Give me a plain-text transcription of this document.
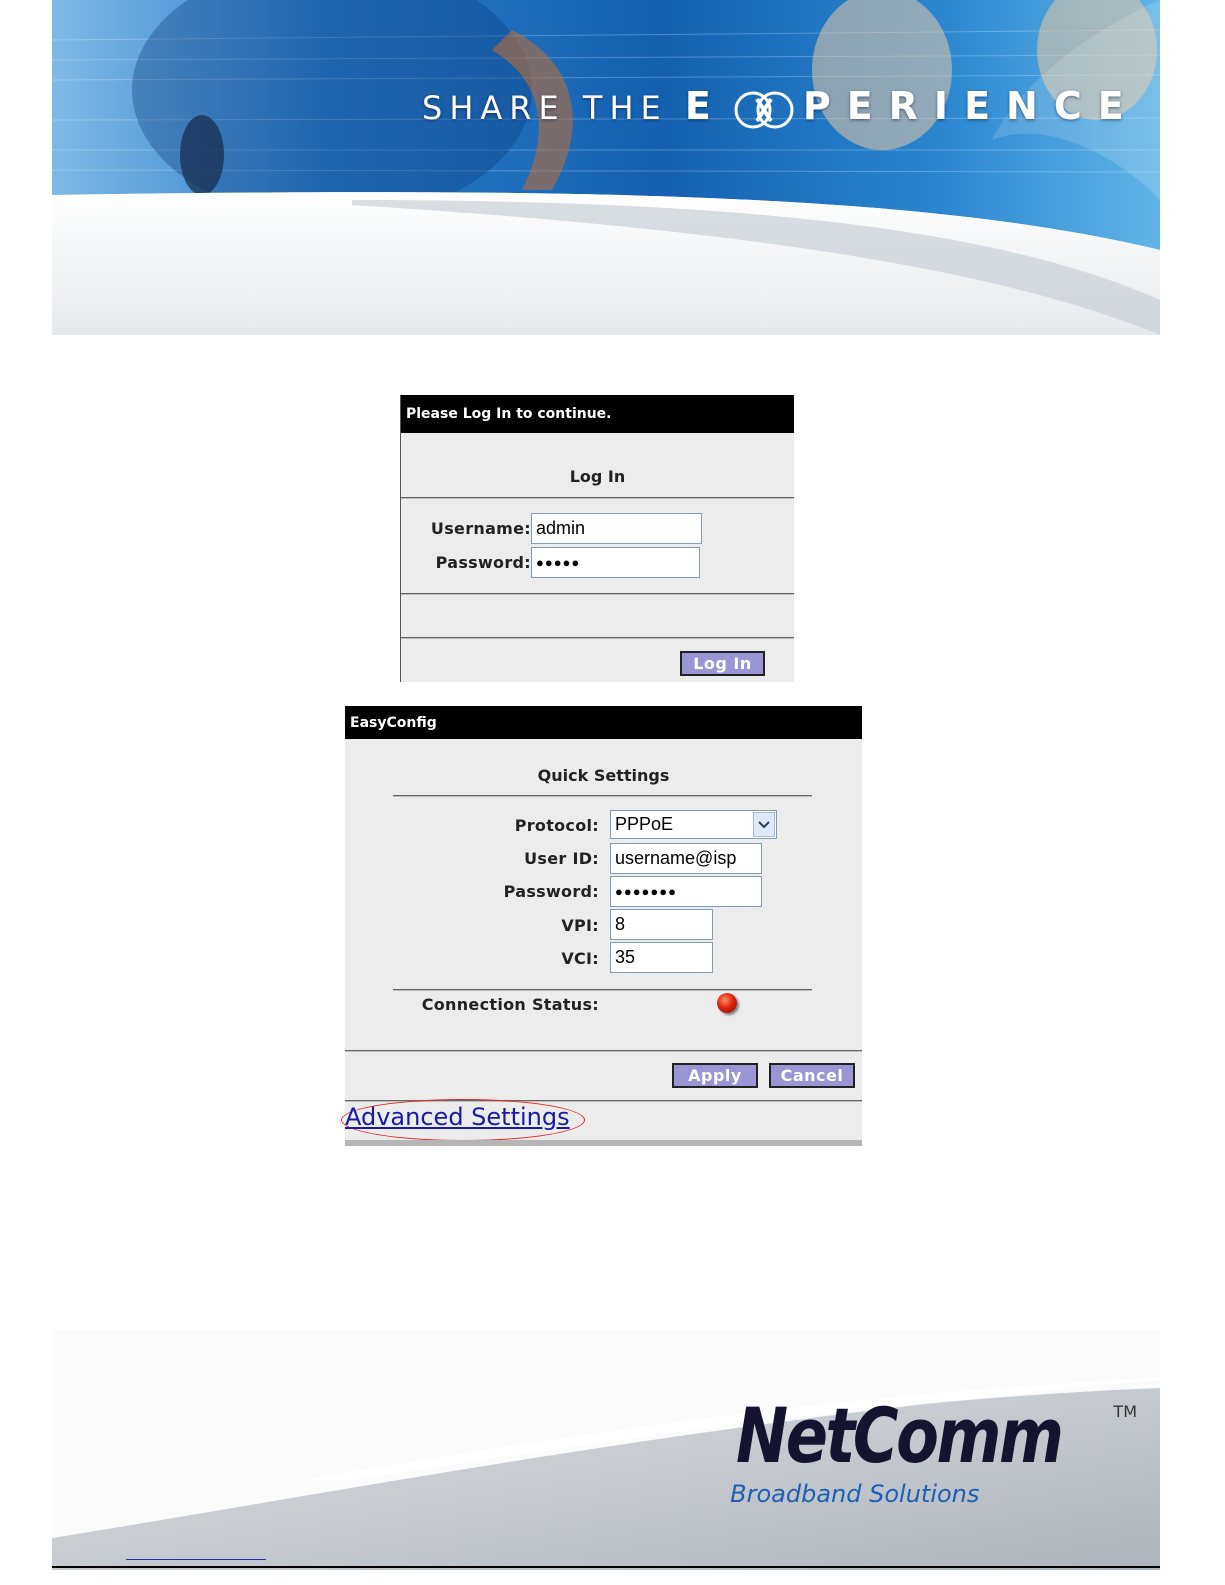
SHARE THE E PERIENCE
Please Log In to continue.
Log In
Username: admin
Password: ●●●●●
Log In
EasyConfig
Quick Settings
Protocol: PPPoE
User ID: username@isp
Password:	●●●●●●●
VPI: 8
VCI: 35
Connection Status:
Apply	Cancel
Advanced Settings
NetComm	TM
Broadband Solutions
